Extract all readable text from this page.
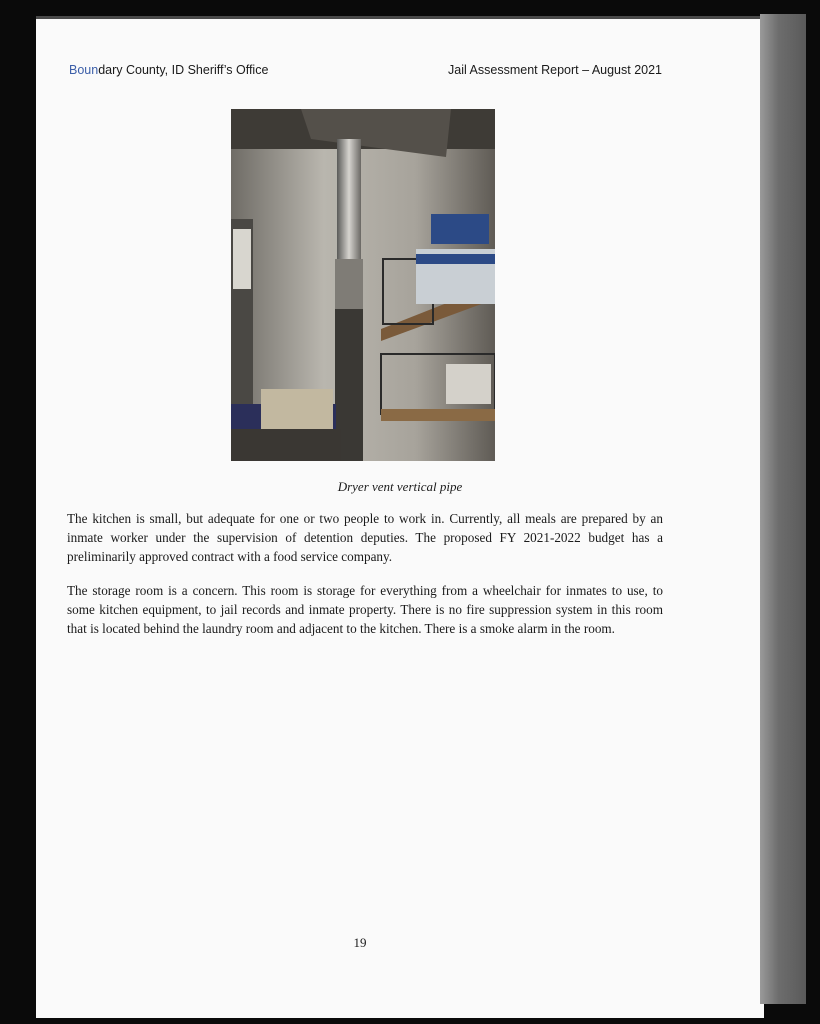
Boundary County, ID Sheriff’s Office	Jail Assessment Report – August 2021
Dryer vent vertical pipe

The kitchen is small, but adequate for one or two people to work in. Currently, all meals are prepared by an inmate worker under the supervision of detention deputies. The proposed FY 2021-2022 budget has a preliminarily approved contract with a food service company.

The storage room is a concern. This room is storage for everything from a wheelchair for inmates to use, to some kitchen equipment, to jail records and inmate property. There is no fire suppression system in this room that is located behind the laundry room and adjacent to the kitchen. There is a smoke alarm in the room.

19
